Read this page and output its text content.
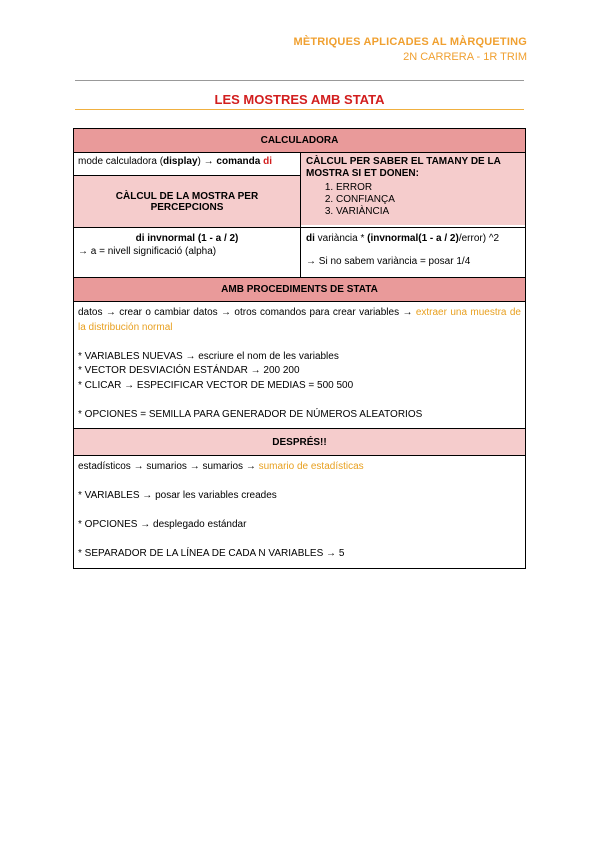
MÈTRIQUES APLICADES AL MÀRQUETING
2N CARRERA - 1R TRIM
LES MOSTRES AMB STATA
CALCULADORA
mode calculadora (display) → comanda di
CÀLCUL DE LA MOSTRA PER PERCEPCIONS
CÀLCUL PER SABER EL TAMANY DE LA MOSTRA SI ET DONEN:
1. ERROR
2. CONFIANÇA
3. VARIÀNCIA
di invnormal (1 - a / 2)
→ a = nivell significació (alpha)
di variància * (invnormal(1 - a / 2)/error) ^2
→ Si no sabem variància = posar 1/4
AMB PROCEDIMENTS DE STATA

datos → crear o cambiar datos → otros comandos para crear variables → extraer una muestra de la distribución normal

* VARIABLES NUEVAS → escriure el nom de les variables

* VECTOR DESVIACIÓN ESTÁNDAR → 200 200

* CLICAR → ESPECIFICAR VECTOR DE MEDIAS = 500 500

* OPCIONES = SEMILLA PARA GENERADOR DE NÚMEROS ALEATORIOS

DESPRÉS!!

estadísticos → sumarios → sumarios → sumario de estadísticas

* VARIABLES → posar les variables creades

* OPCIONES → desplegado estándar

* SEPARADOR DE LA LÍNEA DE CADA N VARIABLES → 5
